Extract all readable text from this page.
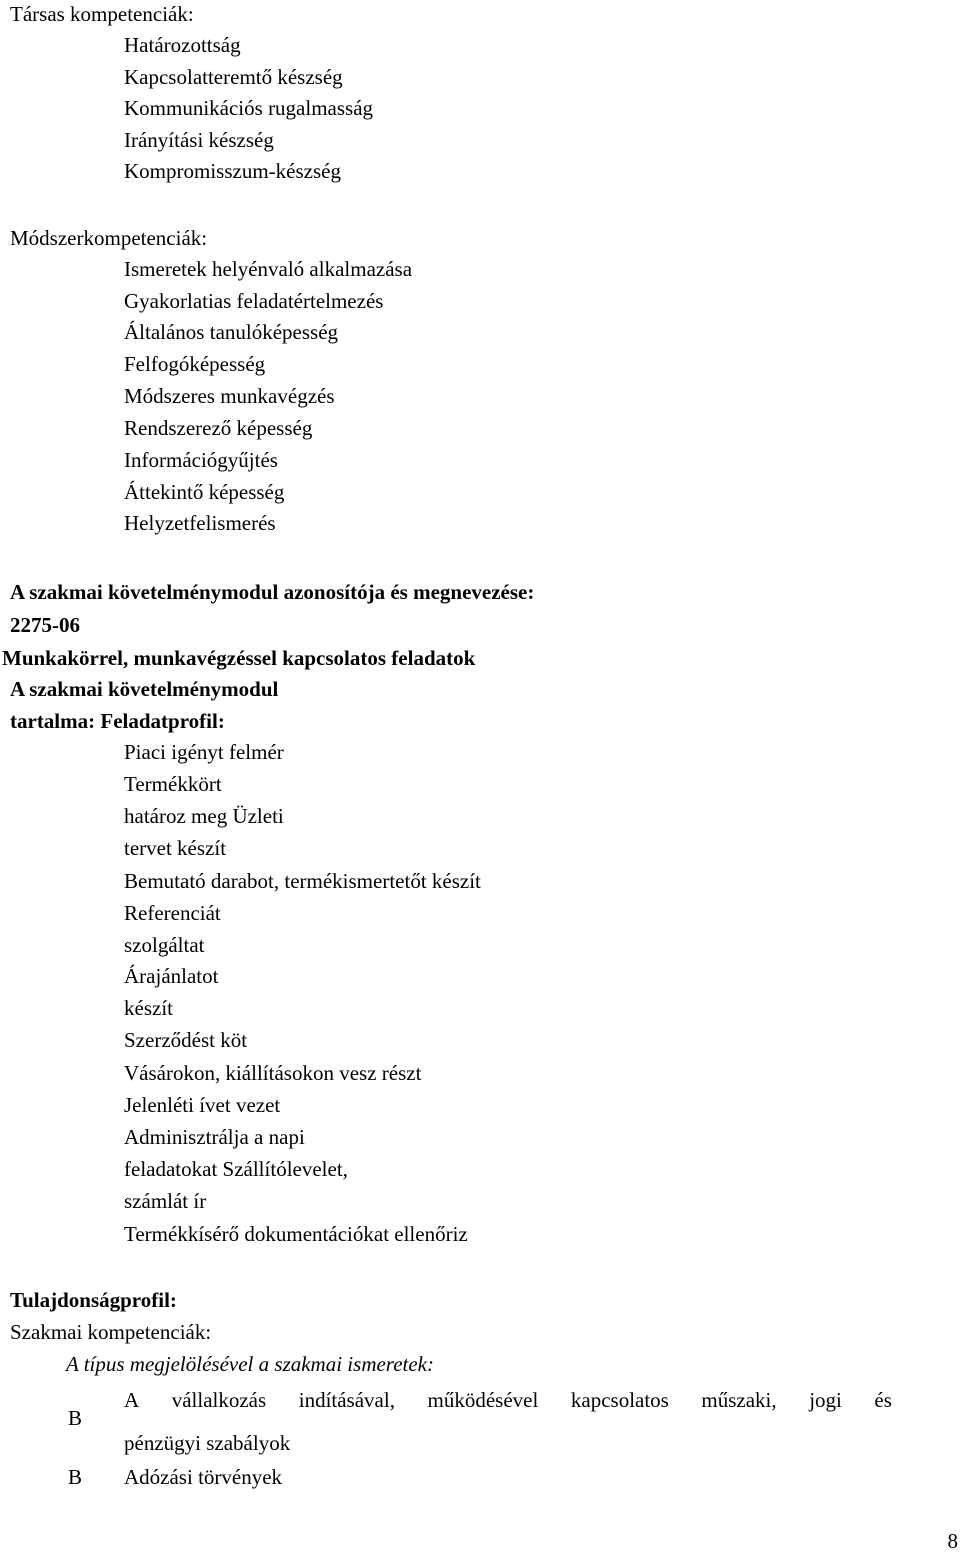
Társas kompetenciák:
Határozottság
Kapcsolatteremtő készség
Kommunikációs rugalmasság
Irányítási készség
Kompromisszum-készség
Módszerkompetenciák:
Ismeretek helyénvaló alkalmazása
Gyakorlatias feladatértelmezés
Általános tanulóképesség
Felfogóképesség
Módszeres munkavégzés
Rendszerező képesség
Információgyűjtés
Áttekintő képesség
Helyzetfelismerés
A szakmai követelménymodul azonosítója és megnevezése:
2275-06
Munkakörrel, munkavégzéssel kapcsolatos feladatok
A szakmai követelménymodul
tartalma: Feladatprofil:
Piaci igényt felmér
Termékkört
határoz meg Üzleti
tervet készít
Bemutató darabot, termékismertetőt készít
Referenciát
szolgáltat
Árajánlatot
készít
Szerződést köt
Vásárokon, kiállításokon vesz részt
Jelenléti ívet vezet
Adminisztrálja a napi
feladatokat Szállítólevelet,
számlát ír
Termékkísérő dokumentációkat ellenőriz
Tulajdonságprofil:
Szakmai kompetenciák:
A típus megjelölésével a szakmai ismeretek:
B
A vállalkozás indításával, működésével kapcsolatos műszaki, jogi és
pénzügyi szabályok
B Adózási törvények
8
